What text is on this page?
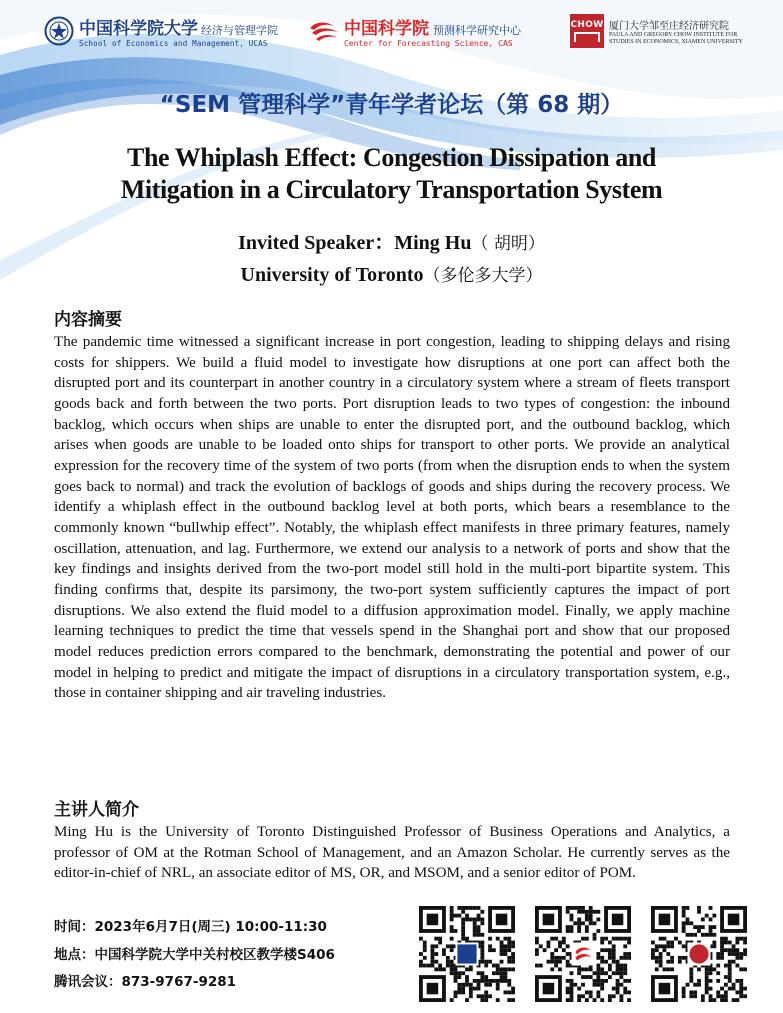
中国科学院大学 经济与管理学院
School of Economics and Management, UCAS
中国科学院 预测科学研究中心
Center for Forecasting Science, CAS
CHOW 厦门大学邹至庄经济研究院
PAULA AND GREGORY CHOW INSTITUTE FOR
STUDIES IN ECONOMICS, XIAMEN UNIVERSITY
“SEM 管理科学”青年学者论坛（第 68 期）
The Whiplash Effect: Congestion Dissipation and
Mitigation in a Circulatory Transportation System
Invited Speaker：Ming Hu（ 胡明）
University of Toronto（多伦多大学）
内容摘要
The pandemic time witnessed a significant increase in port congestion, leading to shipping delays and rising costs for shippers. We build a fluid model to investigate how disruptions at one port can affect both the disrupted port and its counterpart in another country in a circulatory system where a stream of fleets transport goods back and forth between the two ports. Port disruption leads to two types of congestion: the inbound backlog, which occurs when ships are unable to enter the disrupted port, and the outbound backlog, which arises when goods are unable to be loaded onto ships for transport to other ports. We provide an analytical expression for the recovery time of the system of two ports (from when the disruption ends to when the system goes back to normal) and track the evolution of backlogs of goods and ships during the recovery process. We identify a whiplash effect in the outbound backlog level at both ports, which bears a resemblance to the commonly known “bullwhip effect”. Notably, the whiplash effect manifests in three primary features, namely oscillation, attenuation, and lag. Furthermore, we extend our analysis to a network of ports and show that the key findings and insights derived from the two-port model still hold in the multi-port bipartite system. This finding confirms that, despite its parsimony, the two-port system sufficiently captures the impact of port disruptions. We also extend the fluid model to a diffusion approximation model. Finally, we apply machine learning techniques to predict the time that vessels spend in the Shanghai port and show that our proposed model reduces prediction errors compared to the benchmark, demonstrating the potential and power of our model in helping to predict and mitigate the impact of disruptions in a circulatory transportation system, e.g., those in container shipping and air traveling industries.
主讲人简介
Ming Hu is the University of Toronto Distinguished Professor of Business Operations and Analytics, a professor of OM at the Rotman School of Management, and an Amazon Scholar. He currently serves as the editor-in-chief of NRL, an associate editor of MS, OR, and MSOM, and a senior editor of POM.
时间：2023年6月7日(周三) 10:00-11:30
地点：中国科学院大学中关村校区教学楼S406
腾讯会议：873-9767-9281
